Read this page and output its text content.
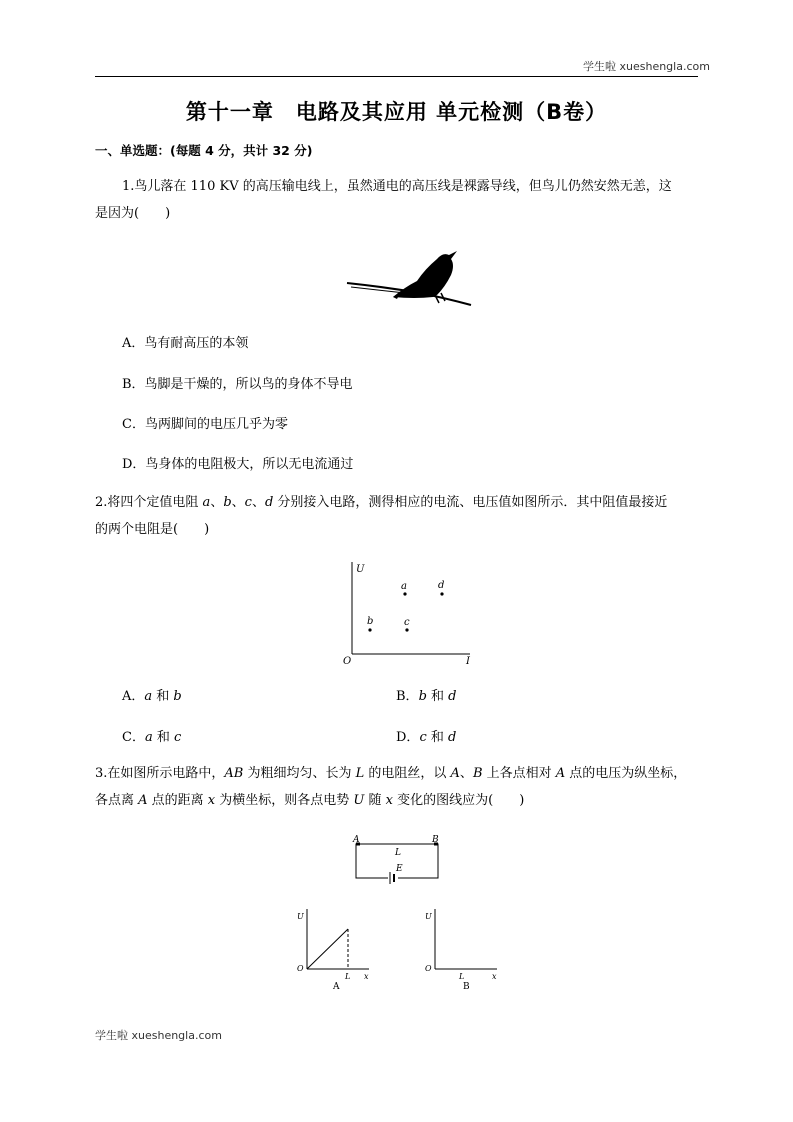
学生啦 xueshengla.com
第十一章　电路及其应用 单元检测（B卷）
一、单选题：(每题 4 分，共计 32 分)
1.鸟儿落在 110 KV 的高压输电线上，虽然通电的高压线是裸露导线，但鸟儿仍然安然无恙，这
是因为(　　)
A．鸟有耐高压的本领
B．鸟脚是干燥的，所以鸟的身体不导电
C．鸟两脚间的电压几乎为零
D．鸟身体的电阻极大，所以无电流通过
2.将四个定值电阻 a、b、c、d 分别接入电路，测得相应的电流、电压值如图所示．其中阻值最接近
的两个电阻是(　　)
U
I
O
a	d
b	c
A．a 和 b	B．b 和 d
C．a 和 c	D．c 和 d
3.在如图所示电路中，AB 为粗细均匀、长为 L 的电阻丝，以 A、B 上各点相对 A 点的电压为纵坐标，
各点离 A 点的距离 x 为横坐标，则各点电势 U 随 x 变化的图线应为(　　)
A	B
L
E
U
O
L x
A
U
O
L	x
B
学生啦 xueshengla.com
